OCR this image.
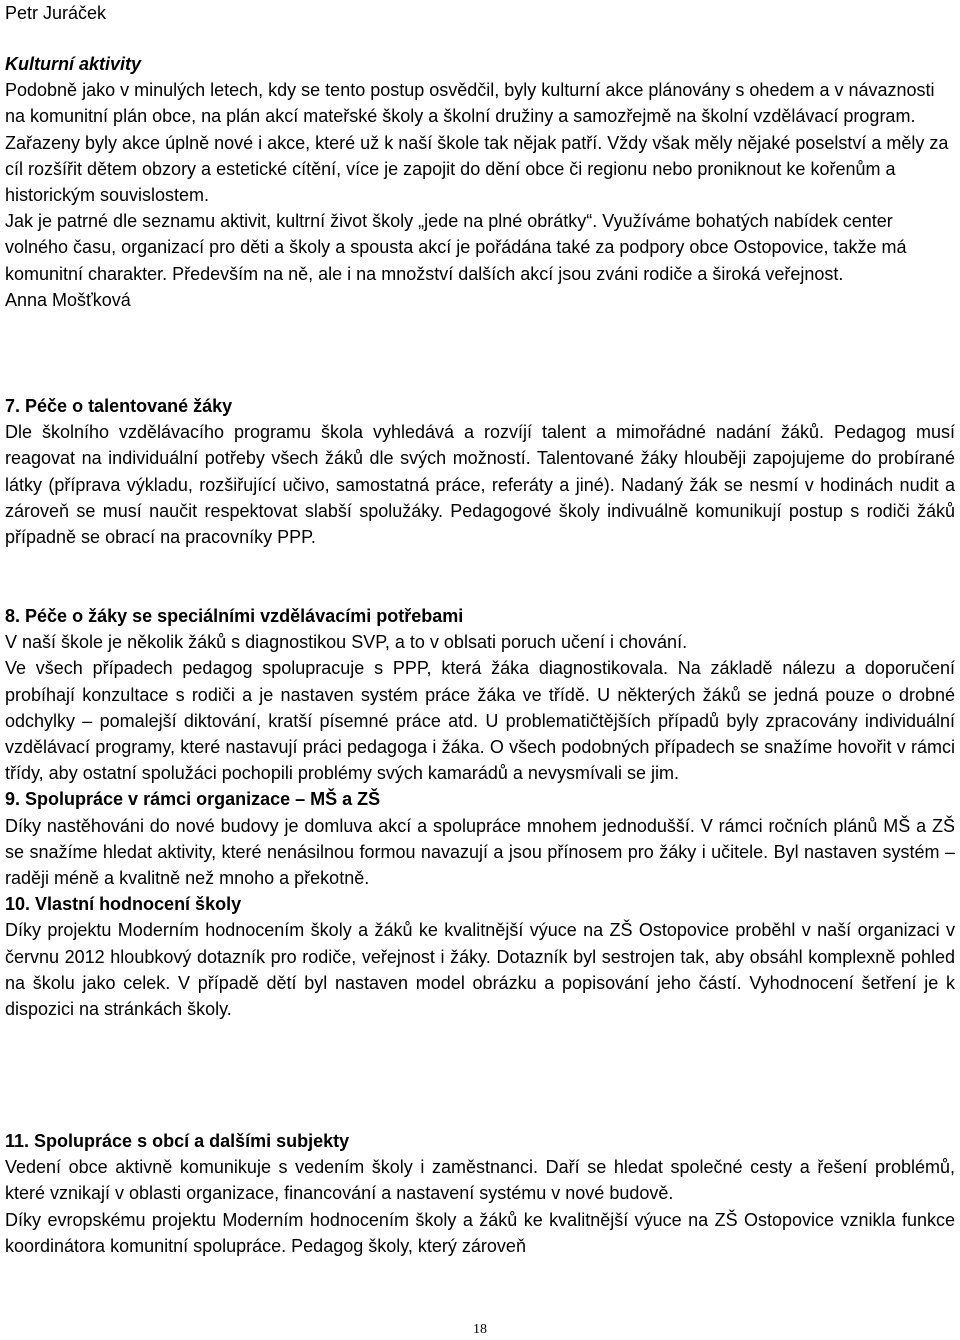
Petr Juráček
Kulturní aktivity

Podobně jako v minulých letech, kdy se tento postup osvědčil, byly kulturní akce plánovány s ohedem a v návaznosti na komunitní plán obce, na plán akcí mateřské školy a školní družiny a samozřejmě na školní vzdělávací program. Zařazeny byly akce úplně nové i akce, které už k naší škole tak nějak patří. Vždy však měly nějaké poselství a měly za cíl rozšířit dětem obzory a estetické cítění, více je zapojit do dění obce či regionu nebo proniknout ke kořenům a historickým souvislostem.

Jak je patrné dle seznamu aktivit, kultrní život školy „jede na plné obrátky“. Využíváme bohatých nabídek center volného času, organizací pro děti a školy a spousta akcí je pořádána také za podpory obce Ostopovice, takže má komunitní charakter. Především na ně, ale i na množství dalších akcí jsou zváni rodiče a široká veřejnost.

Anna Mošťková

7. Péče o talentované žáky

Dle školního vzdělávacího programu škola vyhledává a rozvíjí talent a mimořádné nadání žáků. Pedagog musí reagovat na individuální potřeby všech žáků dle svých možností. Talentované žáky hlouběji zapojujeme do probírané látky (příprava výkladu, rozšiřující učivo, samostatná práce, referáty a jiné). Nadaný žák se nesmí v hodinách nudit a zároveň se musí naučit respektovat slabší spolužáky. Pedagogové školy indivuálně komunikují postup s rodiči žáků případně se obrací na pracovníky PPP.

8. Péče o žáky se speciálními vzdělávacími potřebami

V naší škole je několik žáků s diagnostikou SVP, a to v oblsati poruch učení i chování.

Ve všech případech pedagog spolupracuje s PPP, která žáka diagnostikovala. Na základě nálezu a doporučení probíhají konzultace s rodiči a je nastaven systém práce žáka ve třídě. U některých žáků se jedná pouze o drobné odchylky – pomalejší diktování, kratší písemné práce atd. U problematičtějších případů byly zpracovány individuální vzdělávací programy, které nastavují práci pedagoga i žáka. O všech podobných případech se snažíme hovořit v rámci třídy, aby ostatní spolužáci pochopili problémy svých kamarádů a nevysmívali se jim.

9. Spolupráce v rámci organizace – MŠ a ZŠ

Díky nastěhováni do nové budovy je domluva akcí a spolupráce mnohem jednodušší. V rámci ročních plánů MŠ a ZŠ se snažíme hledat aktivity, které nenásilnou formou navazují a jsou přínosem pro žáky i učitele. Byl nastaven systém – raději méně a kvalitně než mnoho a překotně.

10. Vlastní hodnocení školy

Díky projektu Moderním hodnocením školy a žáků ke kvalitnější výuce na ZŠ Ostopovice proběhl v naší organizaci v červnu 2012 hloubkový dotazník pro rodiče, veřejnost i žáky. Dotazník byl sestrojen tak, aby obsáhl komplexně pohled na školu jako celek. V případě dětí byl nastaven model obrázku a popisování jeho částí. Vyhodnocení šetření je k dispozici na stránkách školy.

11. Spolupráce s obcí a dalšími subjekty

Vedení obce aktivně komunikuje s vedením školy i zaměstnanci. Daří se hledat společné cesty a řešení problémů, které vznikají v oblasti organizace, financování a nastavení systému v nové budově.

Díky evropskému projektu Moderním hodnocením školy a žáků ke kvalitnější výuce na ZŠ Ostopovice vznikla funkce koordinátora komunitní spolupráce. Pedagog školy, který zároveň

18
